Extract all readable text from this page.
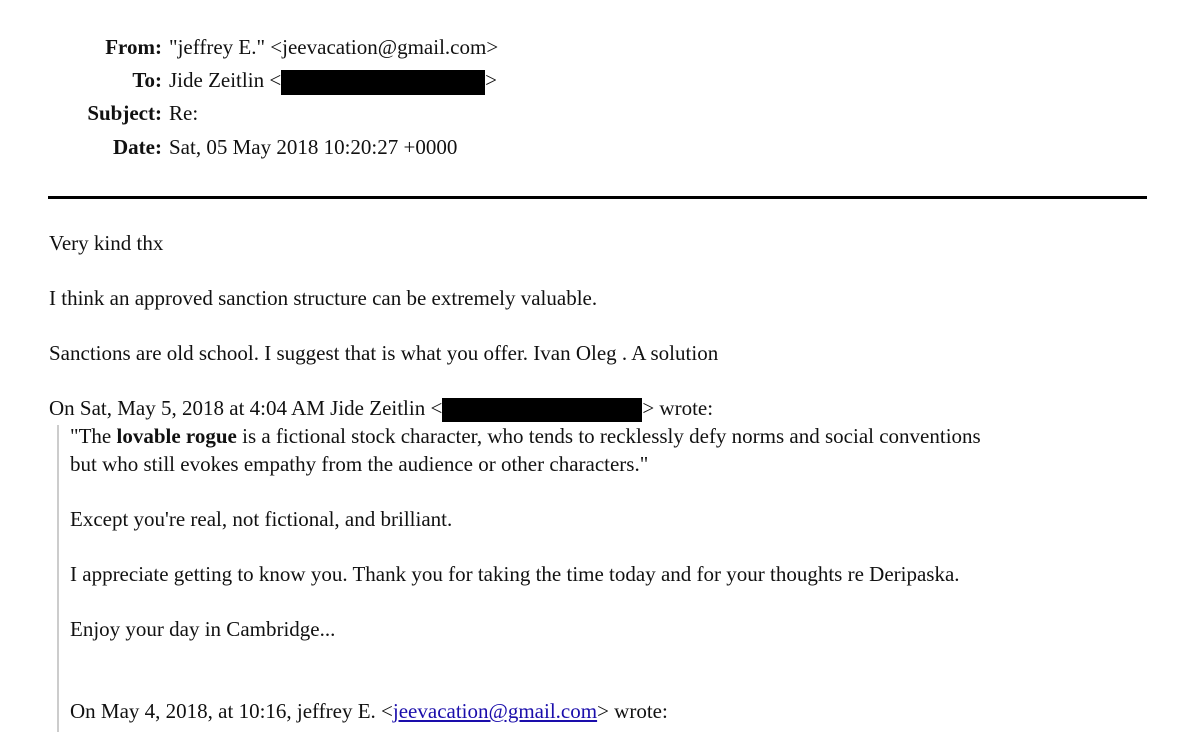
From: "jeffrey E." <jeevacation@gmail.com>
To: Jide Zeitlin <	>
Subject: Re:
Date: Sat, 05 May 2018 10:20:27 +0000
Very kind thx
I think an approved sanction structure can be extremely valuable.
Sanctions are old school. I suggest that is what you offer. Ivan Oleg . A solution
On Sat, May 5, 2018 at 4:04 AM Jide Zeitlin <	> wrote:
"The lovable rogue is a fictional stock character, who tends to recklessly defy norms and social conventions
but who still evokes empathy from the audience or other characters."
Except you're real, not fictional, and brilliant.
I appreciate getting to know you. Thank you for taking the time today and for your thoughts re Deripaska.
Enjoy your day in Cambridge...
On May 4, 2018, at 10:16, jeffrey E. <jeevacation@gmail.com> wrote:
